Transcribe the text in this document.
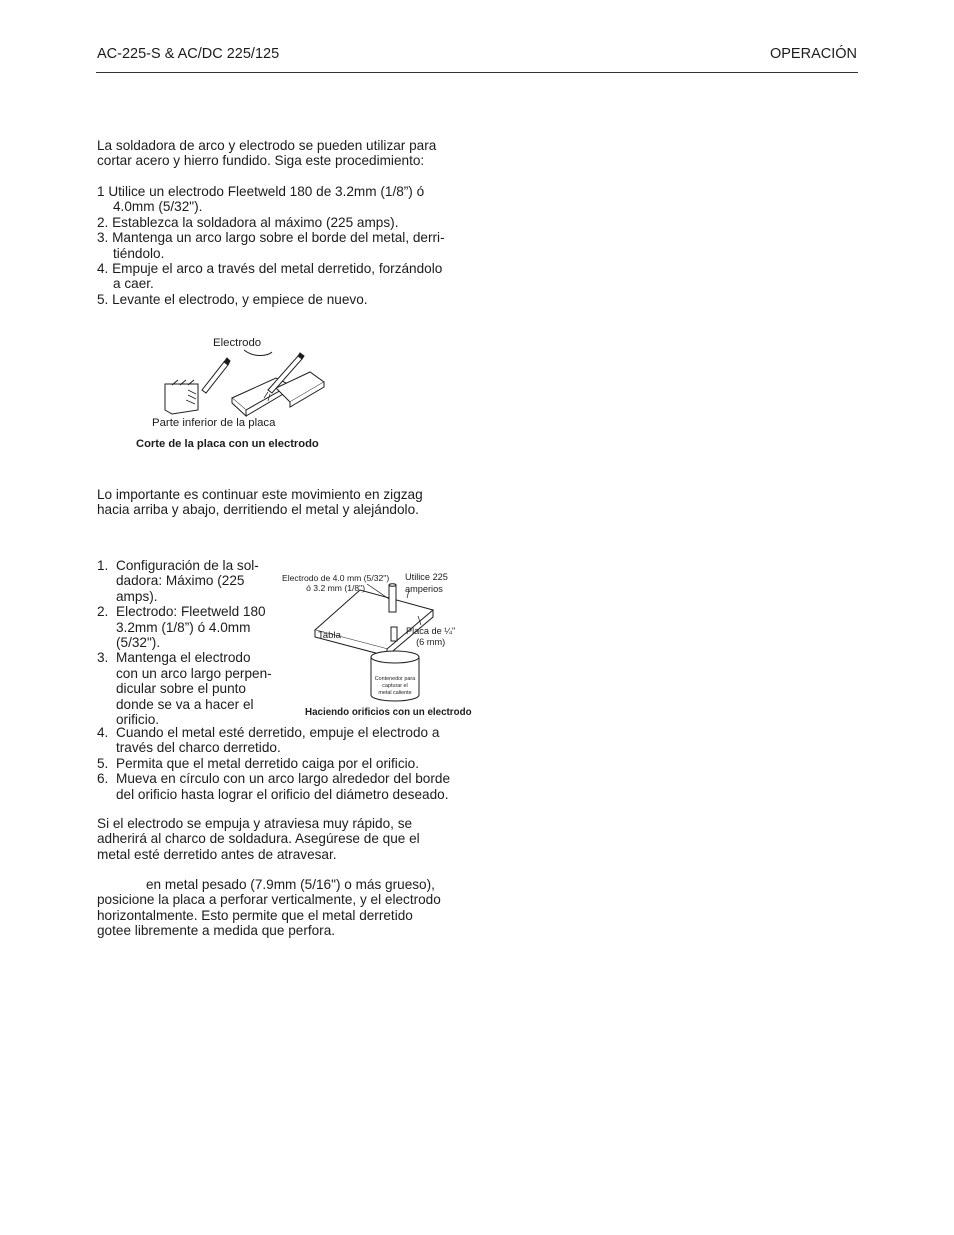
AC-225-S & AC/DC 225/125	OPERACIÓN
La soldadora de arco y electrodo se pueden utilizar para
cortar acero y hierro fundido. Siga este procedimiento:
1 Utilice un electrodo Fleetweld 180 de 3.2mm (1/8”) ó
4.0mm (5/32").
2. Establezca la soldadora al máximo (225 amps).
3. Mantenga un arco largo sobre el borde del metal, derri-
tiéndolo.
4. Empuje el arco a través del metal derretido, forzándolo
a caer.
5. Levante el electrodo, y empiece de nuevo.
Electrodo
Parte inferior de la placa
Corte de la placa con un electrodo
Lo importante es continuar este movimiento en zigzag
hacia arriba y abajo, derritiendo el metal y alejándolo.
1. Configuración de la sol-
dadora: Máximo (225
amps).
2. Electrodo: Fleetweld 180
3.2mm (1/8”) ó 4.0mm
(5/32").
3. Mantenga el electrodo
con un arco largo perpen-
dicular sobre el punto
donde se va a hacer el
orificio.
Electrodo de 4.0 mm (5/32")
ó 3.2 mm (1/8")
Utilice 225
amperios
Tabla	Placa de ¼"
(6 mm)
Contenedor para
capturar el
metal caliente
Haciendo orificios con un electrodo
4. Cuando el metal esté derretido, empuje el electrodo a
través del charco derretido.
5. Permita que el metal derretido caiga por el orificio.
6. Mueva en círculo con un arco largo alrededor del borde
del orificio hasta lograr el orificio del diámetro deseado.
Si el electrodo se empuja y atraviesa muy rápido, se
adherirá al charco de soldadura. Asegúrese de que el
metal esté derretido antes de atravesar.
en metal pesado (7.9mm (5/16") o más grueso),
posicione la placa a perforar verticalmente, y el electrodo
horizontalmente. Esto permite que el metal derretido
gotee libremente a medida que perfora.
